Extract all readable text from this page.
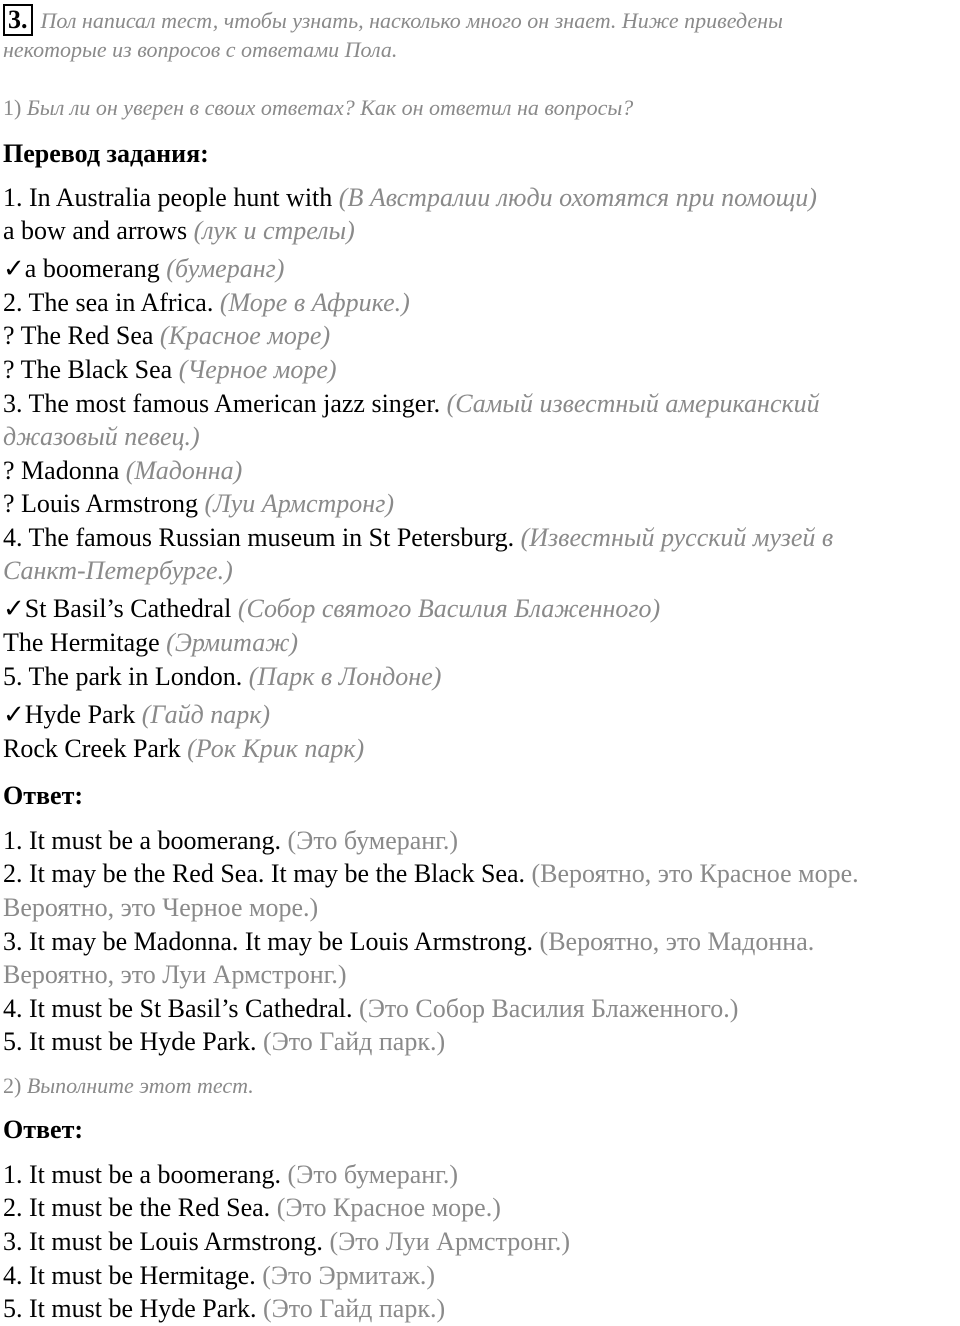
3. Пол написал тест, чтобы узнать, насколько много он знает. Ниже приведены
некоторые из вопросов с ответами Пола.
1) Был ли он уверен в своих ответах? Как он ответил на вопросы?
Перевод задания:
1. In Australia people hunt with (В Австралии люди охотятся при помощи)
a bow and arrows (лук и стрелы)
✓a boomerang (бумеранг)
2. The sea in Africa. (Море в Африке.)
? The Red Sea (Красное море)
? The Black Sea (Черное море)
3. The most famous American jazz singer. (Самый известный американский
джазовый певец.)
? Madonna (Мадонна)
? Louis Armstrong (Луи Армстронг)
4. The famous Russian museum in St Petersburg. (Известный русский музей в
Санкт-Петербурге.)
✓St Basil’s Cathedral (Собор святого Василия Блаженного)
The Hermitage (Эрмитаж)
5. The park in London. (Парк в Лондоне)
✓Hyde Park (Гайд парк)
Rock Creek Park (Рок Крик парк)
Ответ:
1. It must be a boomerang. (Это бумеранг.)
2. It may be the Red Sea. It may be the Black Sea. (Вероятно, это Красное море.
Вероятно, это Черное море.)
3. It may be Madonna. It may be Louis Armstrong. (Вероятно, это Мадонна.
Вероятно, это Луи Армстронг.)
4. It must be St Basil’s Cathedral. (Это Собор Василия Блаженного.)
5. It must be Hyde Park. (Это Гайд парк.)
2) Выполните этот тест.
Ответ:
1. It must be a boomerang. (Это бумеранг.)
2. It must be the Red Sea. (Это Красное море.)
3. It must be Louis Armstrong. (Это Луи Армстронг.)
4. It must be Hermitage. (Это Эрмитаж.)
5. It must be Hyde Park. (Это Гайд парк.)
